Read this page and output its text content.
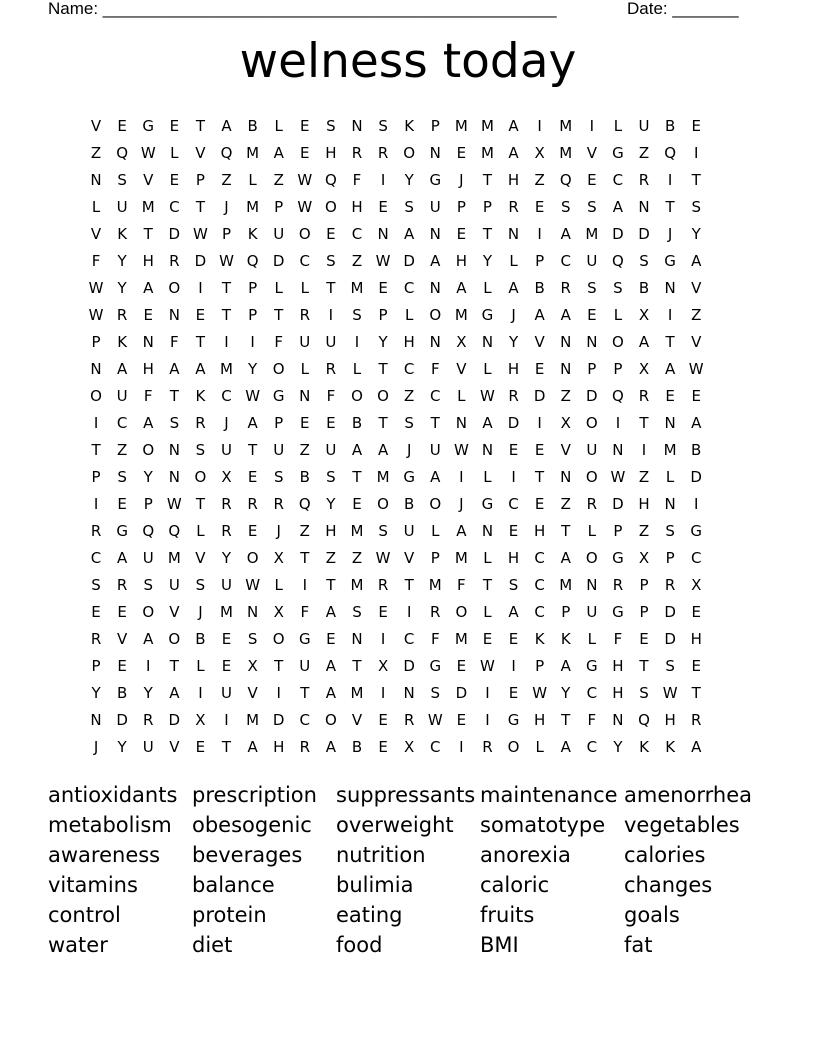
Name: ________________________________________________	Date: _______
welness today
V	E	G	E	T	A	B	L	E	S	N	S	K	P	M M A	I	M	I	L	U	B	E
Z	Q W L	V	Q M A	E	H	R	R O N	E M A	X M V	G	Z	Q	I
N	S	V	E	P	Z	L	Z W Q	F	I	Y	G	J	T	H	Z	Q	E	C	R	I	T
L	U M C	T	J	M	P W O H	E	S	U	P	P	R	E	S	S	A	N	T	S
V	K	T	D W P	K	U O	E	C	N	A	N	E	T	N	I	A M D D	J	Y
F	Y	H	R	D W Q D	C	S	Z W D	A	H	Y	L	P	C	U Q	S	G	A
W Y	A	O	I	T	P	L	L	T	M E	C	N	A	L	A	B	R	S	S	B	N	V
W R	E	N	E	T	P	T	R	I	S	P	L	O M G	J	A	A	E	L	X	I	Z
P	K	N	F	T	I	I	F	U	U	I	Y	H N	X	N	Y	V	N N O	A	T	V
N	A	H	A	A M	Y	O	L	R	L	T	C	F	V	L	H	E	N	P	P	X	A W
O U	F	T	K	C W G N	F	O O	Z	C	L W R	D	Z	D Q R	E	E
I	C	A	S	R	J	A	P	E	E	B	T	S	T	N	A	D	I	X	O	I	T	N	A
T	Z	O N	S	U	T	U	Z	U	A	A	J	U W N	E	E	V	U N	I	M B
P	S	Y	N O	X	E	S	B	S	T	M G	A	I	L	I	T	N O W Z	L	D
I	E	P W T	R	R	R Q	Y	E	O	B	O	J	G	C	E	Z	R	D H N	I
R	G Q Q	L	R	E	J	Z	H M S	U	L	A	N	E	H	T	L	P	Z	S	G
C	A	U M V	Y	O	X	T	Z	Z W V	P	M	L	H	C	A	O G	X	P	C
S	R	S	U	S	U W L	I	T	M R	T	M	F	T	S	C M N	R	P	R	X
E	E	O	V	J	M N	X	F	A	S	E	I	R O	L	A	C	P	U G	P	D	E
R	V	A	O	B	E	S	O G	E	N	I	C	F	M E	E	K	K	L	F	E	D H
P	E	I	T	L	E	X	T	U	A	T	X	D G	E W	I	P	A	G H	T	S	E
Y	B	Y	A	I	U	V	I	T	A M	I	N	S	D	I	E W Y	C	H	S W T
N D	R	D	X	I	M D	C O	V	E	R W E	I	G H	T	F	N Q H	R
J	Y	U	V	E	T	A	H	R	A	B	E	X	C	I	R O	L	A	C	Y	K	K	A
antioxidants prescription suppressants maintenance amenorrhea
metabolism obesogenic	overweight	somatotype vegetables
awareness	beverages	nutrition	anorexia	calories
vitamins	balance	bulimia	caloric	changes
control	protein	eating	fruits	goals
water	diet	food	BMI	fat
